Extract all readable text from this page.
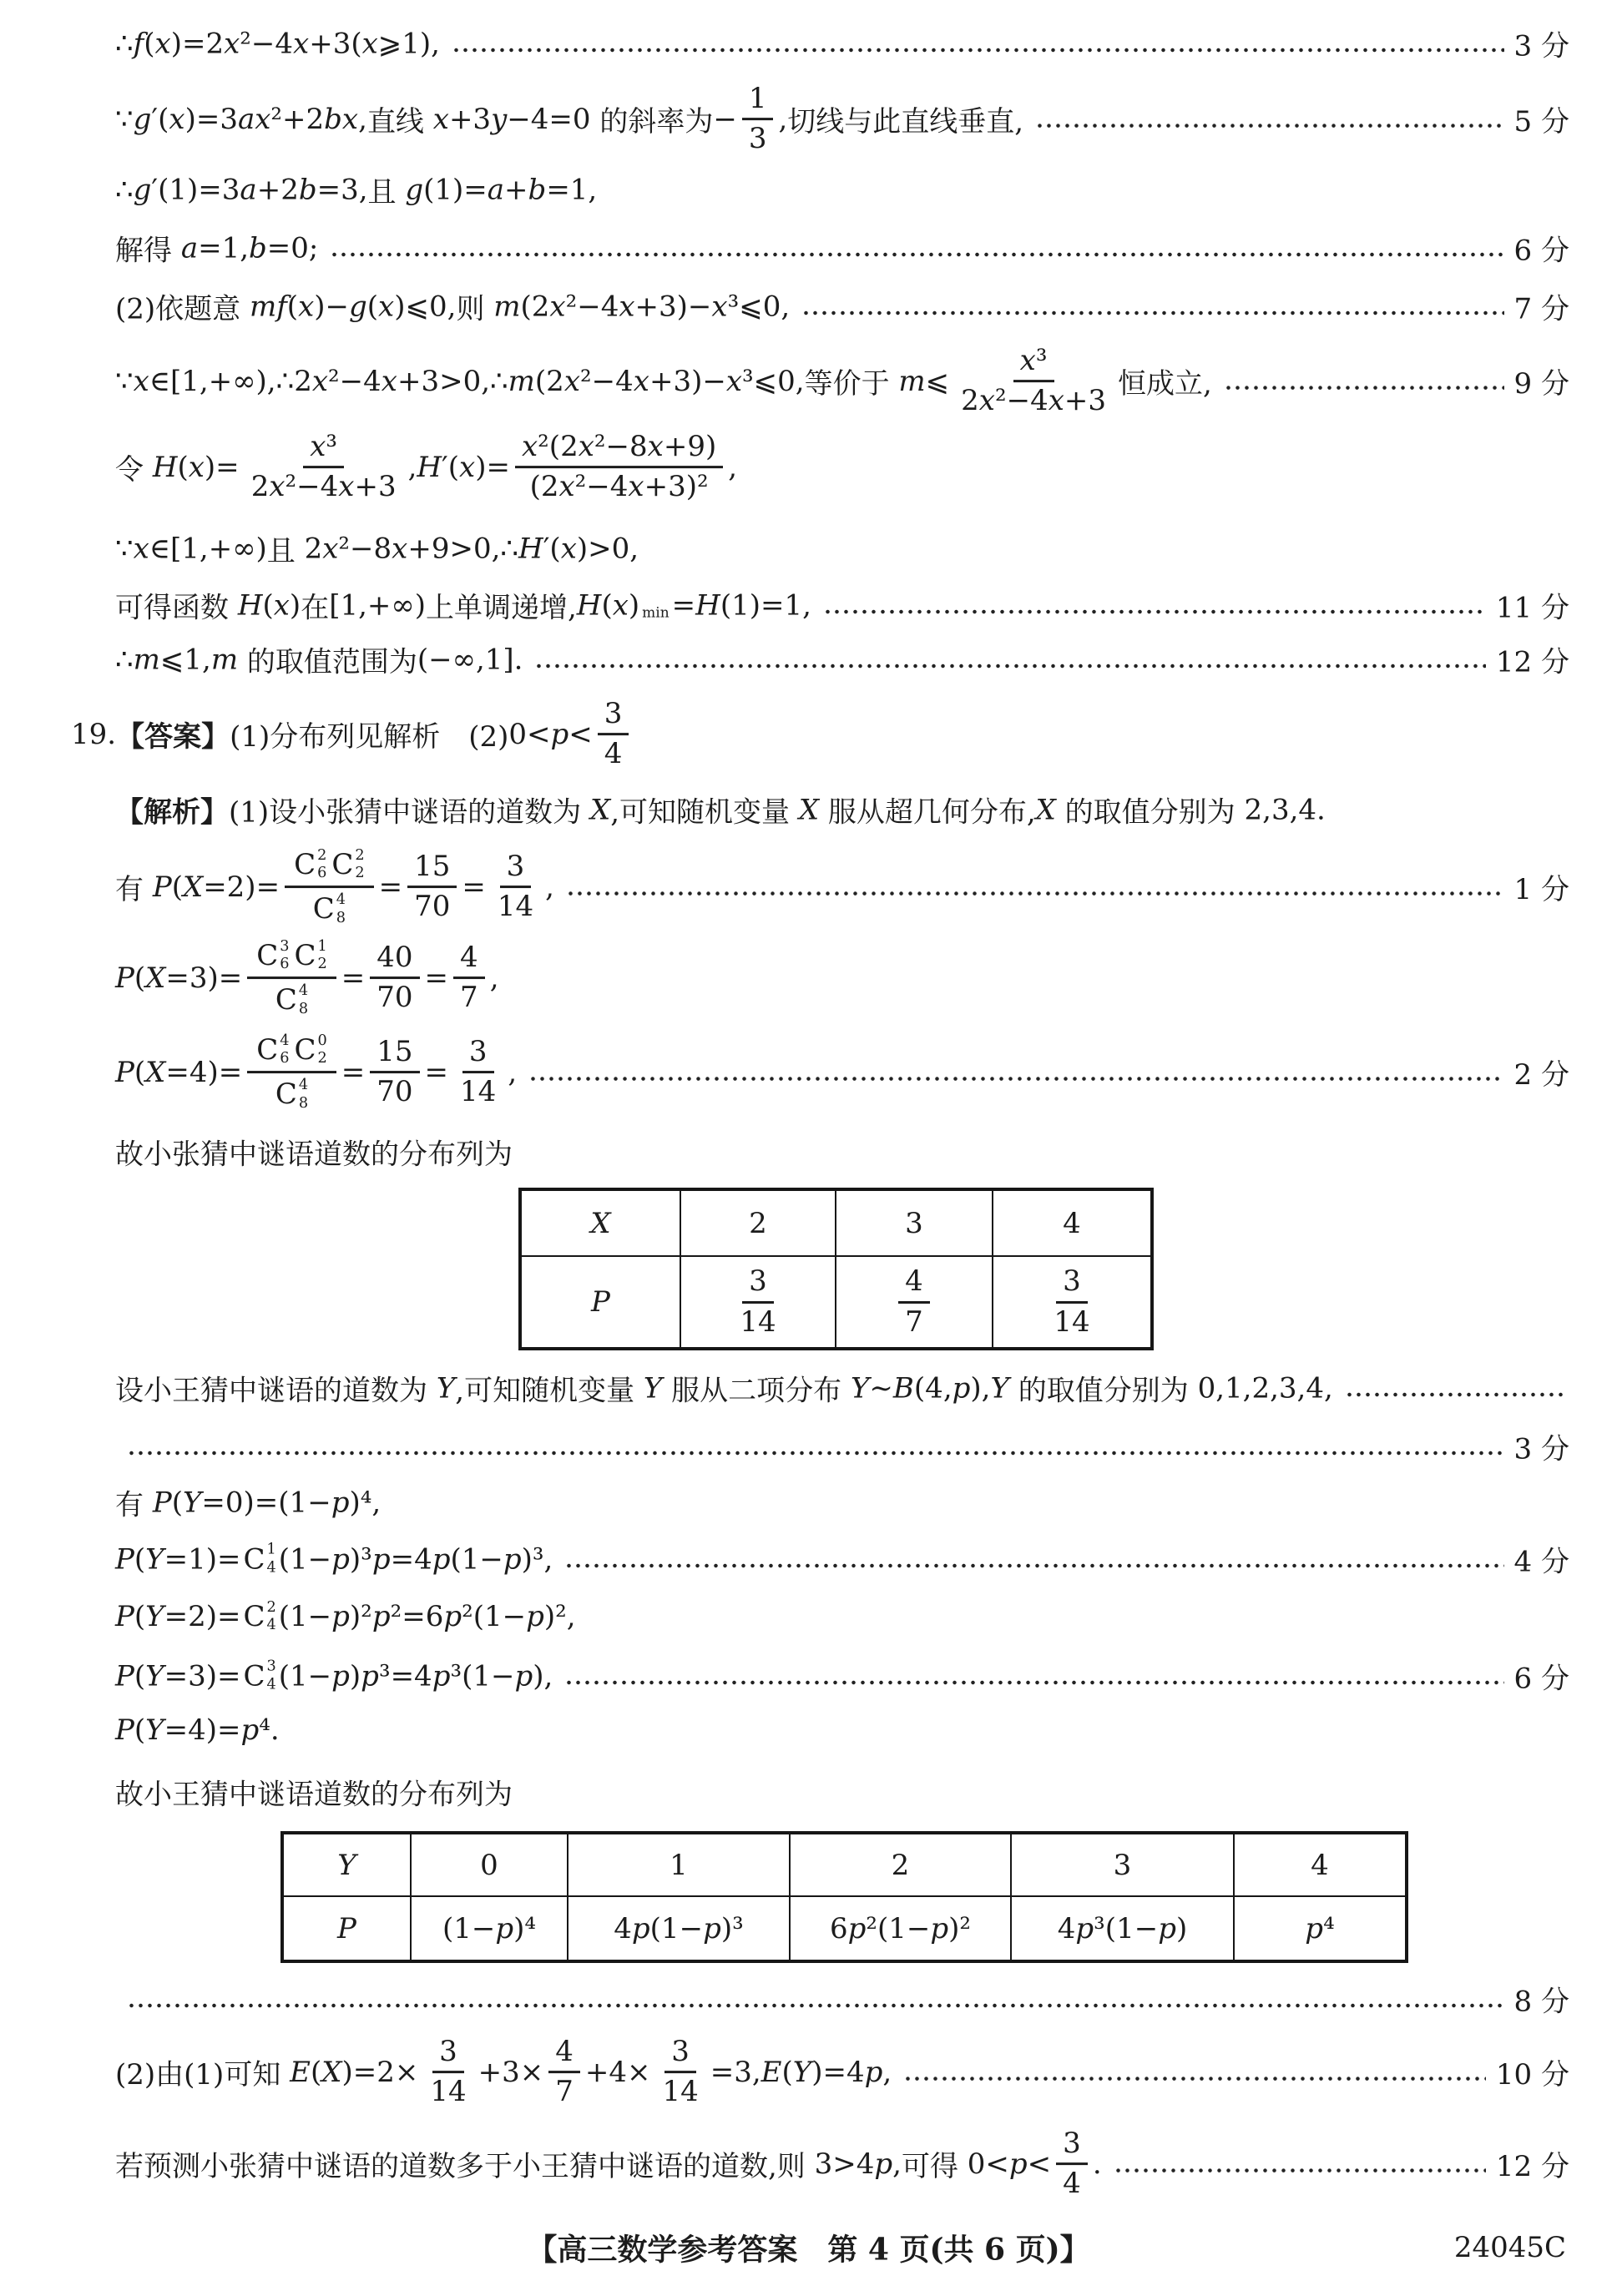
【高三数学参考答案　第 4 页(共 6 页)】	24045C
∴f(x)=2x²−4x+3(x⩾1),	3 分
∵g′(x)=3ax²+2bx, 直线 x+3y−4=0 的斜率为 − $\frac{1}{3}$ , 切线与此直线垂直,	5 分
∴g′(1)=3a+2b=3, 且 g(1)=a+b=1,
解得 a=1,b=0;	6 分
(2)依题意 mf(x)−g(x)⩽0, 则 m(2x²−4x+3)−x³⩽0,	7 分
∵x∈[1,+∞),∴2x²−4x+3>0,∴m(2x²−4x+3)−x³⩽0, 等价于 m⩽ $\frac{\text{x³}}{\text{2x²−4x+3}}$ 恒成立,	9 分
令 $H(x)= \frac{\text{x³}}{\text{2x²−4x+3}} ,H'(x)= \frac{\text{x²(2x²−8x+9)}}{\text{(2x²−4x+3)²}}$ ,
∵x∈[1,+∞) 且 2x²−8x+9>0,∴H′(x)>0,
可得函数 H(x) 在 [1,+∞) 上单调递增, H(x) min =H(1)=1,	11 分
∴m⩽1,m 的取值范围为 (−∞,1].	12 分
19. 【答案】 (1)分布列见解析　(2) $0<p< \frac{3}{4}$
【解析】 (1)设小张猜中谜语的道数为 X ,可知随机变量 X 服从超几何分布, X 的取值分别为 2,3,4.
有 P(X=2)= C 2
6 C 2
2
C 4
$8 = \frac{15}{70} = \frac{3}{14}$ ,	1 分
P(X=3)= C 3
6 C 1
2
C 4
$8 = \frac{40}{70} = \frac{4}{7}$ ,
P(X=4)= C 4
6 C 0
2
C 4
$8 = \frac{15}{70} = \frac{3}{14}$ ,	2 分
故小张猜中谜语道数的分布列为
设小王猜中谜语的道数为 Y ,可知随机变量 Y 服从二项分布 Y∼B(4,p),Y 的取值分别为 0,1,2,3,4,
3 分
有 P(Y=0)=(1−p)⁴,
P(Y=1)= C 1
4 (1−p)³p=4p(1−p)³,	4 分
P(Y=2)= C 2
4 (1−p)²p²=6p²(1−p)²,
P(Y=3)= C 3
4 (1−p)p³=4p³(1−p),	6 分
P(Y=4)=p⁴.
故小王猜中谜语道数的分布列为
8 分
(2)由(1)可知 $E(X)=2\times \frac{3}{14} +3\times \frac{4}{7} +4\times \frac{3}{14} =3,E(Y)=4p$,	10 分
若预测小张猜中谜语的道数多于小王猜中谜语的道数,则 3>4p, 可得 $0<p< \frac{3}{4}$ .	12 分
X	2	3	4
P	$\frac{3}{14}$	$\frac{4}{7}$	$\frac{3}{14}$
Y	0	1	2	3	4
P	(1−p)⁴	4p(1−p)³	6p²(1−p)²	4p³(1−p)	p⁴
